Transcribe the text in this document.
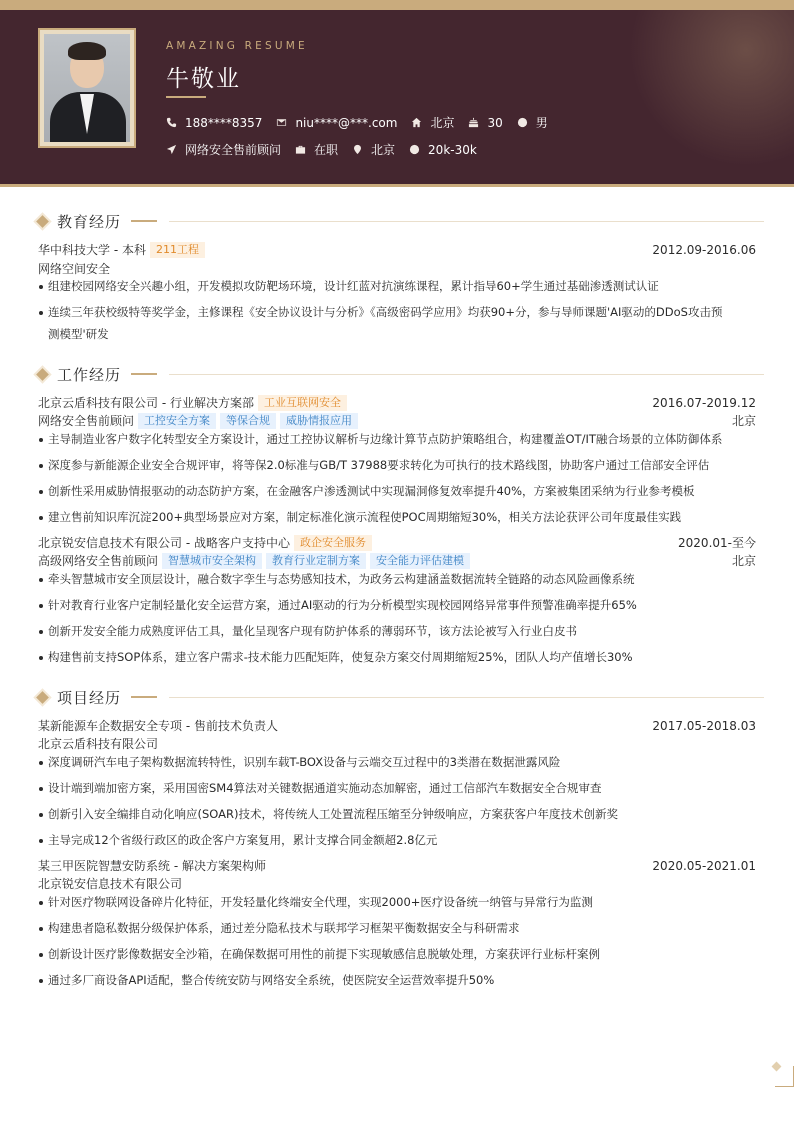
AMAZING RESUME
牛敬业
188****8357	niu****@***.com	北京	30	男
网络安全售前顾问	在职	北京	20k-30k
教育经历
华中科技大学 - 本科 211工程	2012.09-2016.06
网络空间安全
组建校园网络安全兴趣小组，开发模拟攻防靶场环境，设计红蓝对抗演练课程，累计指导60+学生通过基础渗透测试认证
连续三年获校级特等奖学金，主修课程《安全协议设计与分析》《高级密码学应用》均获90+分，参与导师课题'AI驱动的DDoS攻击预
测模型'研发
工作经历
北京云盾科技有限公司 - 行业解决方案部 工业互联网安全	2016.07-2019.12
网络安全售前顾问 工控安全方案	等保合规	威胁情报应用	北京
主导制造业客户数字化转型安全方案设计，通过工控协议解析与边缘计算节点防护策略组合，构建覆盖OT/IT融合场景的立体防御体系
深度参与新能源企业安全合规评审，将等保2.0标准与GB/T 37988要求转化为可执行的技术路线图，协助客户通过工信部安全评估
创新性采用威胁情报驱动的动态防护方案，在金融客户渗透测试中实现漏洞修复效率提升40%，方案被集团采纳为行业参考模板
建立售前知识库沉淀200+典型场景应对方案，制定标准化演示流程使POC周期缩短30%，相关方法论获评公司年度最佳实践
北京锐安信息技术有限公司 - 战略客户支持中心 政企安全服务	2020.01-至今
高级网络安全售前顾问 智慧城市安全架构	教育行业定制方案	安全能力评估建模	北京
牵头智慧城市安全顶层设计，融合数字孪生与态势感知技术，为政务云构建涵盖数据流转全链路的动态风险画像系统
针对教育行业客户定制轻量化安全运营方案，通过AI驱动的行为分析模型实现校园网络异常事件预警准确率提升65%
创新开发安全能力成熟度评估工具，量化呈现客户现有防护体系的薄弱环节，该方法论被写入行业白皮书
构建售前支持SOP体系，建立客户需求-技术能力匹配矩阵，使复杂方案交付周期缩短25%，团队人均产值增长30%
项目经历
某新能源车企数据安全专项 - 售前技术负责人	2017.05-2018.03
北京云盾科技有限公司
深度调研汽车电子架构数据流转特性，识别车载T-BOX设备与云端交互过程中的3类潜在数据泄露风险
设计端到端加密方案，采用国密SM4算法对关键数据通道实施动态加解密，通过工信部汽车数据安全合规审查
创新引入安全编排自动化响应(SOAR)技术，将传统人工处置流程压缩至分钟级响应，方案获客户年度技术创新奖
主导完成12个省级行政区的政企客户方案复用，累计支撑合同金额超2.8亿元
某三甲医院智慧安防系统 - 解决方案架构师	2020.05-2021.01
北京锐安信息技术有限公司
针对医疗物联网设备碎片化特征，开发轻量化终端安全代理，实现2000+医疗设备统一纳管与异常行为监测
构建患者隐私数据分级保护体系，通过差分隐私技术与联邦学习框架平衡数据安全与科研需求
创新设计医疗影像数据安全沙箱，在确保数据可用性的前提下实现敏感信息脱敏处理，方案获评行业标杆案例
通过多厂商设备API适配，整合传统安防与网络安全系统，使医院安全运营效率提升50%
